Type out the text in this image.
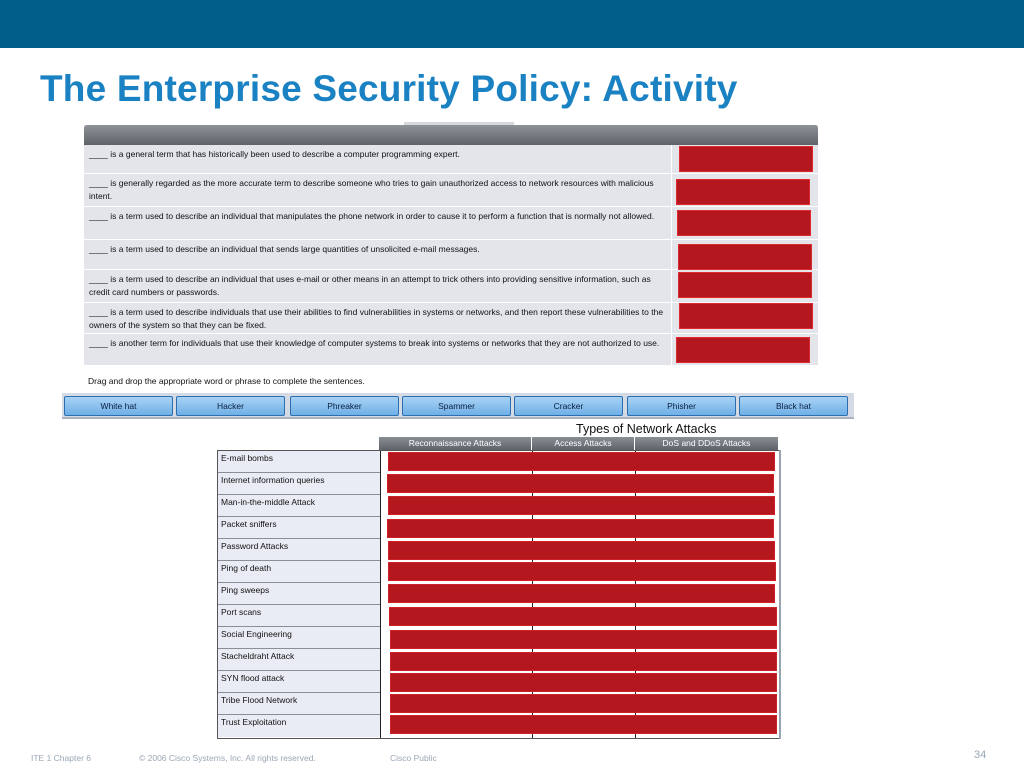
The Enterprise Security Policy: Activity
____ is a general term that has historically been used to describe a computer programming expert.
____ is generally regarded as the more accurate term to describe someone who tries to gain unauthorized access to network resources with malicious intent.
____ is a term used to describe an individual that manipulates the phone network in order to cause it to perform a function that is normally not allowed.
____ is a term used to describe an individual that sends large quantities of unsolicited e-mail messages.
____ is a term used to describe an individual that uses e-mail or other means in an attempt to trick others into providing sensitive information, such as credit card numbers or passwords.
____ is a term used to describe individuals that use their abilities to find vulnerabilities in systems or networks, and then report these vulnerabilities to the owners of the system so that they can be fixed.
____ is another term for individuals that use their knowledge of computer systems to break into systems or networks that they are not authorized to use.
Drag and drop the appropriate word or phrase to complete the sentences.
White hat	Hacker	Phreaker	Spammer	Cracker	Phisher	Black hat
Types of Network Attacks
Reconnaissance Attacks	Access Attacks	DoS and DDoS Attacks
E-mail bombs
Internet information queries
Man-in-the-middle Attack
Packet sniffers
Password Attacks
Ping of death
Ping sweeps
Port scans
Social Engineering
Stacheldraht Attack
SYN flood attack
Tribe Flood Network
Trust Exploitation
ITE 1 Chapter 6	© 2006 Cisco Systems, Inc. All rights reserved.	Cisco Public	34
